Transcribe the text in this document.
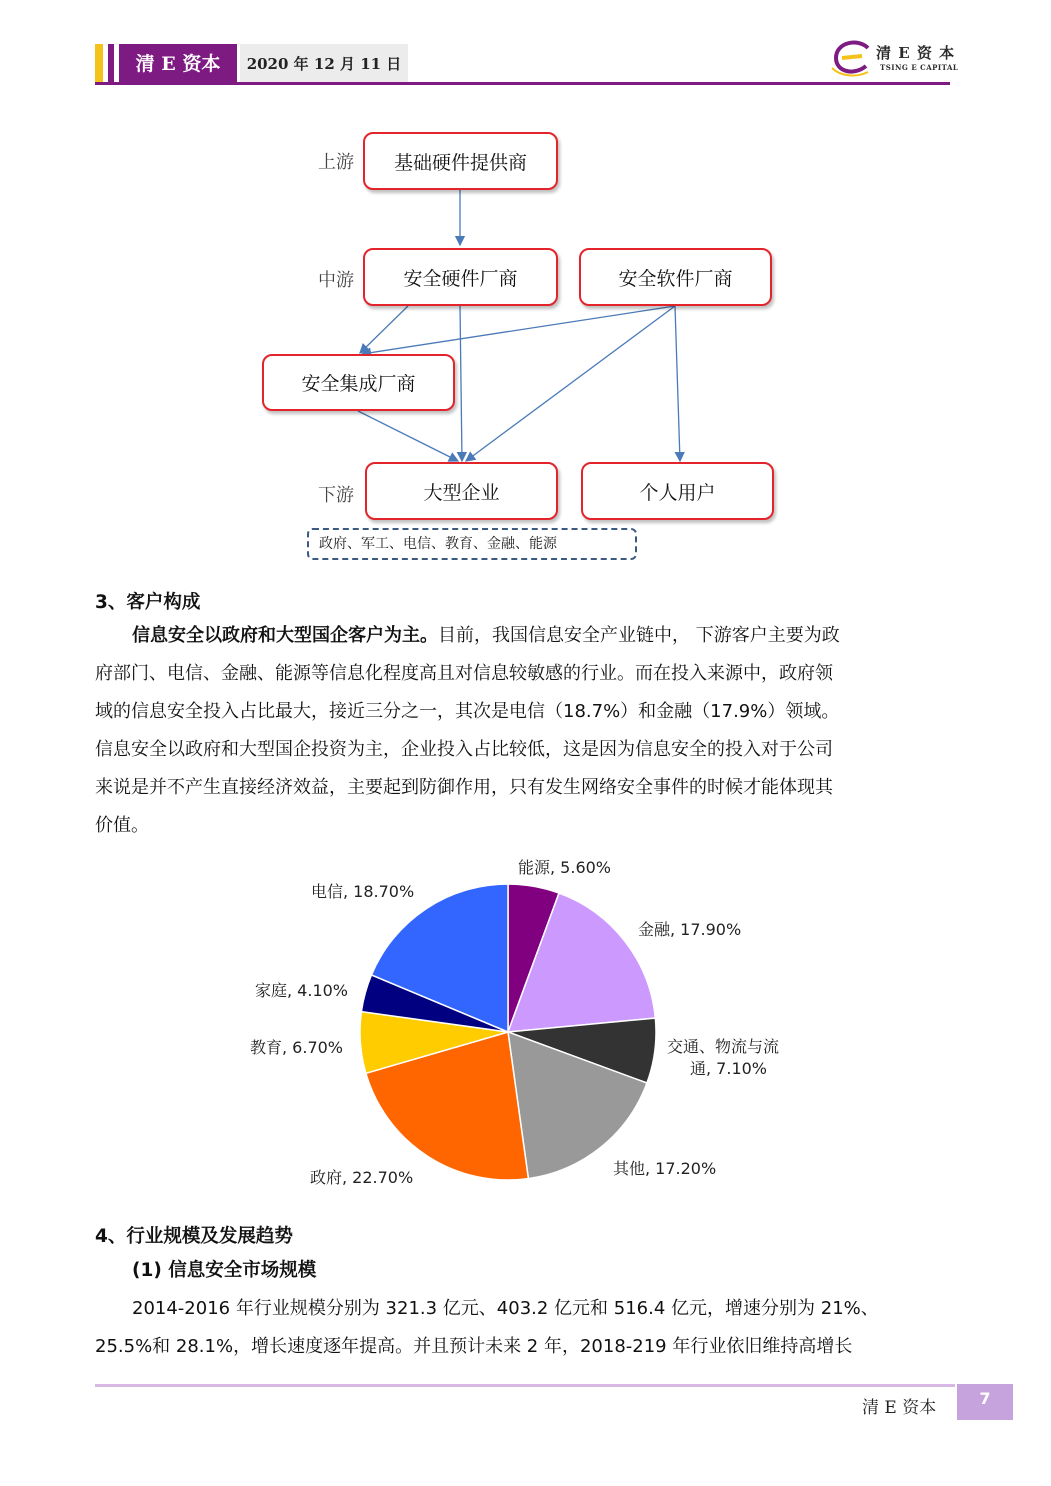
清 E 资本	2020 年 12 月 11 日
清 E 资 本
TSING E CAPITAL
上游
中游
下游
基础硬件提供商
安全硬件厂商	安全软件厂商
安全集成厂商
大型企业	个人用户
政府、军工、电信、教育、金融、能源
3、客户构成

信息安全以政府和大型国企客户为主。目前，我国信息安全产业链中， 下游客户主要为政

府部门、电信、金融、能源等信息化程度高且对信息较敏感的行业。而在投入来源中，政府领
域的信息安全投入占比最大，接近三分之一，其次是电信（18.7%）和金融（17.9%）领域。
信息安全以政府和大型国企投资为主，企业投入占比较低，这是因为信息安全的投入对于公司
来说是并不产生直接经济效益，主要起到防御作用，只有发生网络安全事件的时候才能体现其
价值。
能源, 5.60%
金融, 17.90%
交通、物流与流
通, 7.10%
其他, 17.20%
政府, 22.70%
教育, 6.70%
家庭, 4.10%
电信, 18.70%
4、行业规模及发展趋势
(1) 信息安全市场规模

2014-2016 年行业规模分别为 321.3 亿元、403.2 亿元和 516.4 亿元，增速分别为 21%、

25.5%和 28.1%，增长速度逐年提高。并且预计未来 2 年，2018-219 年行业依旧维持高增长
清 E 资本	7
